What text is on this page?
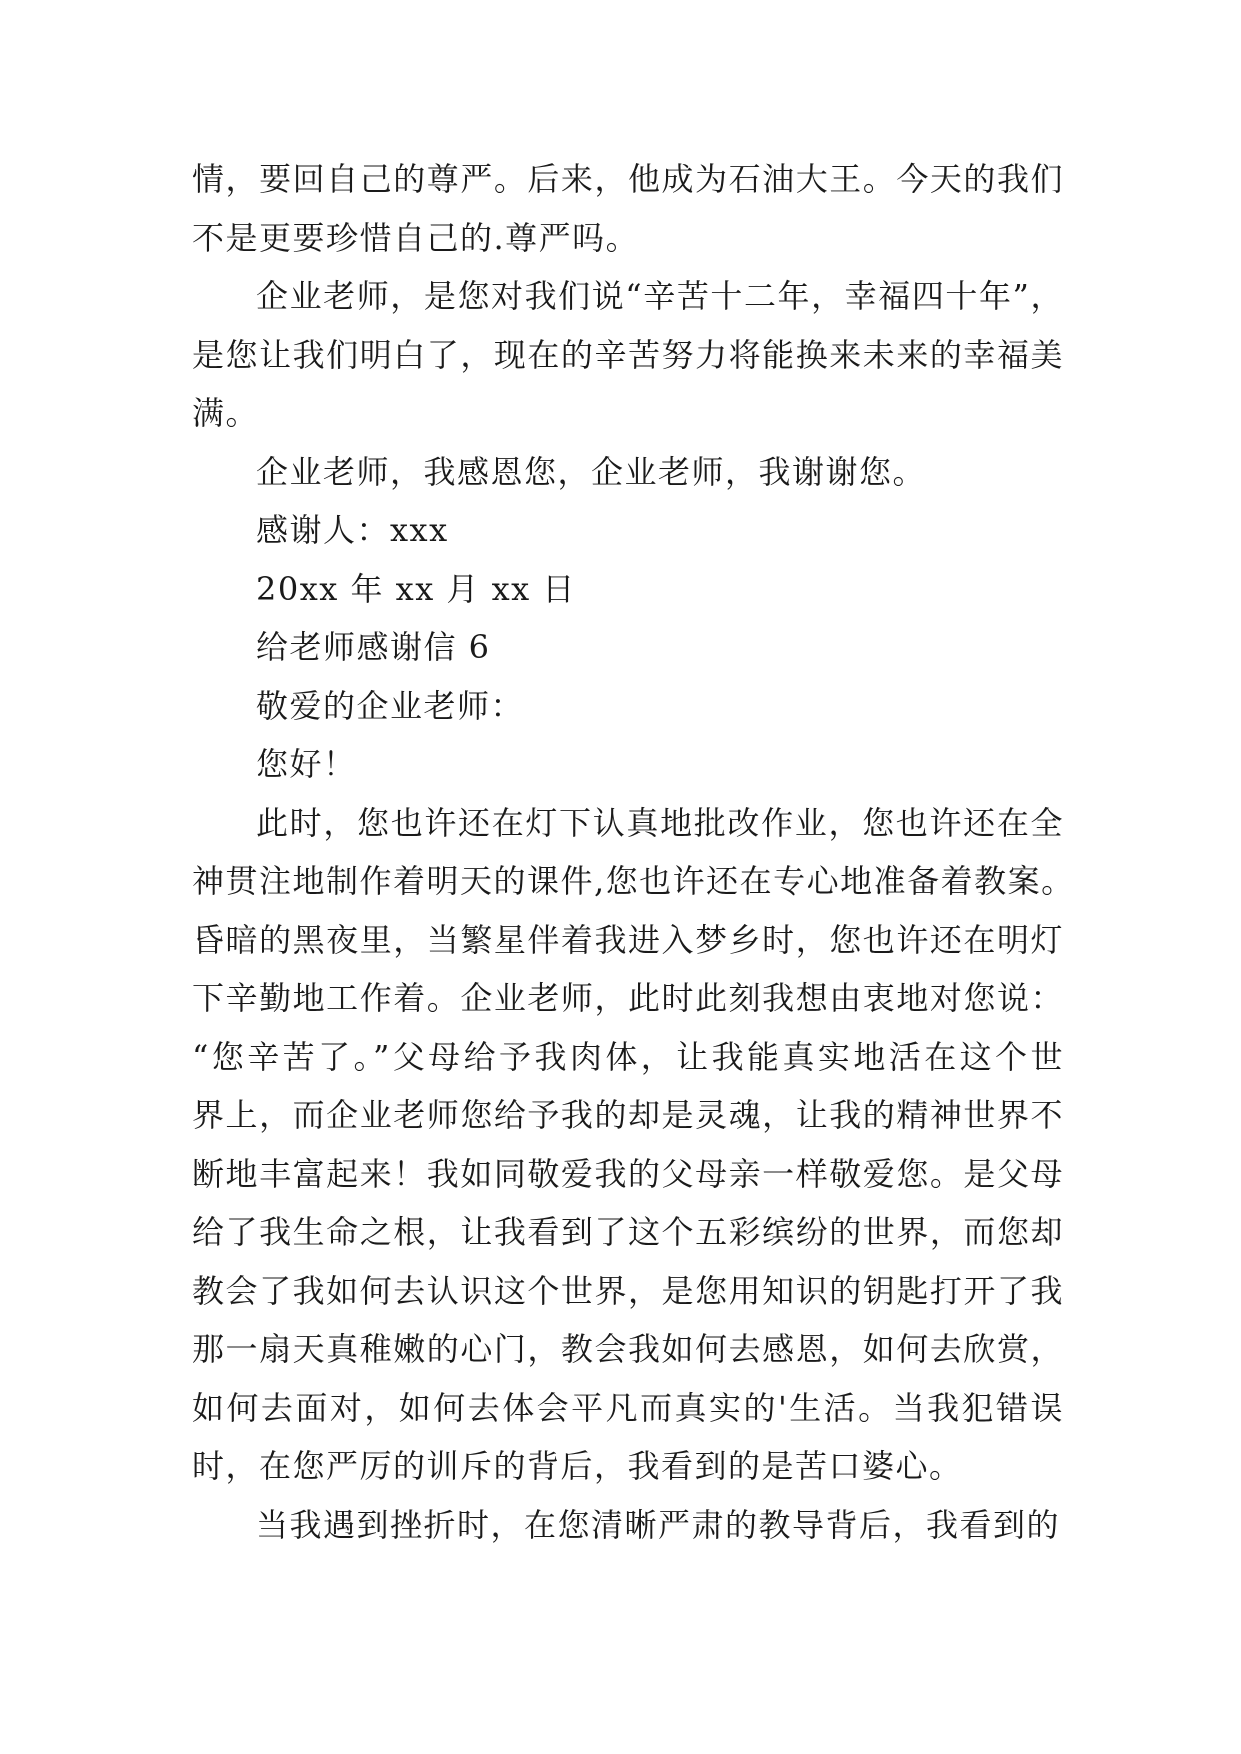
情，要回自己的尊严。后来，他成为石油大王。今天的我们
不是更要珍惜自己的.尊严吗。
企业老师，是您对我们说“辛苦十二年，幸福四十年”，
是您让我们明白了，现在的辛苦努力将能换来未来的幸福美
满。
企业老师，我感恩您，企业老师，我谢谢您。
感谢人：xxx
20xx 年 xx 月 xx 日
给老师感谢信 6
敬爱的企业老师：
您好！
此时，您也许还在灯下认真地批改作业，您也许还在全
神贯注地制作着明天的课件,您也许还在专心地准备着教案。
昏暗的黑夜里，当繁星伴着我进入梦乡时，您也许还在明灯
下辛勤地工作着。企业老师，此时此刻我想由衷地对您说：
“您辛苦了。”父母给予我肉体，让我能真实地活在这个世
界上，而企业老师您给予我的却是灵魂，让我的精神世界不
断地丰富起来！我如同敬爱我的父母亲一样敬爱您。是父母
给了我生命之根，让我看到了这个五彩缤纷的世界，而您却
教会了我如何去认识这个世界，是您用知识的钥匙打开了我
那一扇天真稚嫩的心门，教会我如何去感恩，如何去欣赏，
如何去面对，如何去体会平凡而真实的'生活。当我犯错误
时，在您严厉的训斥的背后，我看到的是苦口婆心。
当我遇到挫折时，在您清晰严肃的教导背后，我看到的
